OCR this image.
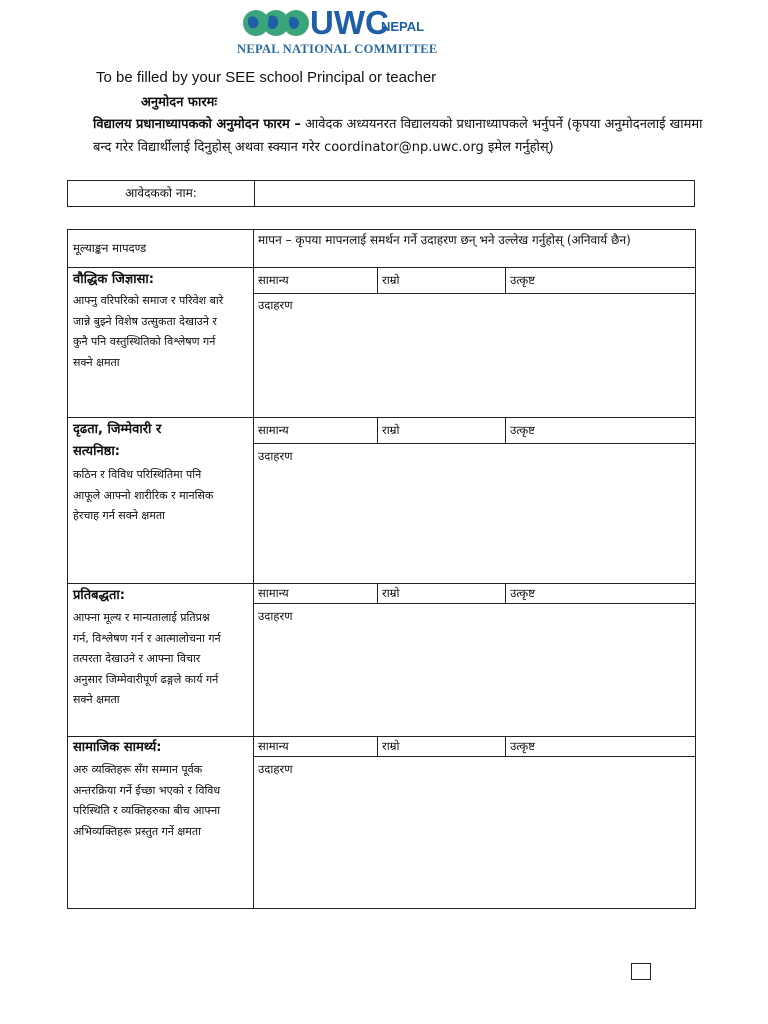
UWC
NEPAL
NEPAL NATIONAL COMMITTEE
To be filled by your SEE school Principal or teacher
अनुमोदन फारमः
विद्यालय प्रधानाध्यापकको अनुमोदन फारम – आवेदक अध्ययनरत विद्यालयको प्रधानाध्यापकले भर्नुपर्ने (कृपया अनुमोदनलाई खाममा बन्द गरेर विद्यार्थीलाई दिनुहोस् अथवा स्क्यान गरेर coordinator@np.uwc.org इमेल गर्नुहोस्)
आवेदकको नाम:
मूल्याङ्कन मापदण्ड
मापन – कृपया मापनलाई समर्थन गर्ने उदाहरण छन् भने उल्लेख गर्नुहोस् (अनिवार्य छैन)
वौद्धिक जिज्ञासा:
आफ्नु वरिपरिको समाज र परिवेश बारे
जान्ने बुझ्ने विशेष उत्सुकता देखाउने र
कुनै पनि वस्तुस्थितिको विश्लेषण गर्न
सक्ने क्षमता
सामान्य	राम्रो	उत्कृष्ट
उदाहरण
दृढता, जिम्मेवारी र
सत्यनिष्ठा:
कठिन र विविध परिस्थितिमा पनि
आफूले आफ्नो शारीरिक र मानसिक
हेरचाह गर्न सक्ने क्षमता
सामान्य	राम्रो	उत्कृष्ट
उदाहरण
प्रतिबद्धता:
आफ्ना मूल्य र मान्यतालाई प्रतिप्रश्न
गर्न, विश्लेषण गर्न र आत्मालोचना गर्न
तत्परता देखाउने र आफ्ना विचार
अनुसार जिम्मेवारीपूर्ण ढङ्गले कार्य गर्न
सक्ने क्षमता
सामान्य	राम्रो	उत्कृष्ट
उदाहरण
सामाजिक सामर्थ्य:
अरु व्यक्तिहरू सँग सम्मान पूर्वक
अन्तरक्रिया गर्ने ईच्छा भएको र विविध
परिस्थिति र व्यक्तिहरुका बीच आफ्ना
अभिव्यक्तिहरू प्रस्तुत गर्ने क्षमता
सामान्य	राम्रो	उत्कृष्ट
उदाहरण
